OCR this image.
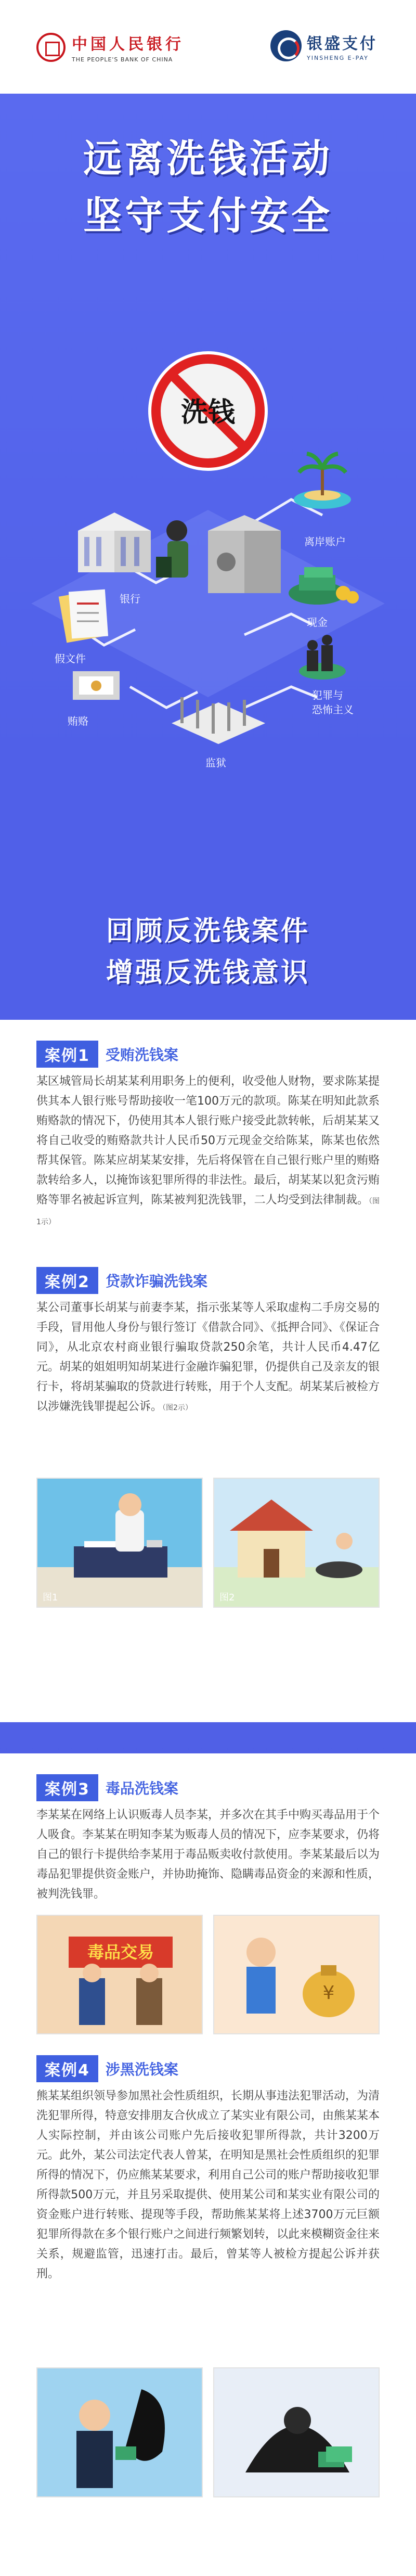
中国人民银行
THE PEOPLE'S BANK OF CHINA
银盛支付
YINSHENG E-PAY
远离洗钱活动
坚守支付安全
洗钱
银行
离岸账户
假文件
现金
贿赂
监狱
犯罪与
恐怖主义
回顾反洗钱案件
增强反洗钱意识
案例1	受贿洗钱案
某区城管局长胡某某利用职务上的便利，收受他人财物，要求陈某提供其本人银行账号帮助接收一笔100万元的款项。陈某在明知此款系贿赂款的情况下，仍使用其本人银行账户接受此款转帐，后胡某某又将自己收受的贿赂款共计人民币50万元现金交给陈某，陈某也依然帮其保管。陈某应胡某某安排，先后将保管在自己银行账户里的贿赂款转给多人，以掩饰该犯罪所得的非法性。最后，胡某某以犯贪污贿赂等罪名被起诉宣判，陈某被判犯洗钱罪，二人均受到法律制裁。（图1示）
案例2	贷款诈骗洗钱案
某公司董事长胡某与前妻李某，指示张某等人采取虚构二手房交易的手段，冒用他人身份与银行签订《借款合同》、《抵押合同》、《保证合同》，从北京农村商业银行骗取贷款250余笔，共计人民币4.47亿元。胡某的姐姐明知胡某进行金融诈骗犯罪，仍提供自己及亲友的银行卡，将胡某骗取的贷款进行转账，用于个人支配。胡某某后被检方以涉嫌洗钱罪提起公诉。（图2示）
图1	图2
案例3	毒品洗钱案
李某某在网络上认识贩毒人员李某，并多次在其手中购买毒品用于个人吸食。李某某在明知李某为贩毒人员的情况下，应李某要求，仍将自己的银行卡提供给李某用于毒品贩卖收付款使用。李某某最后以为毒品犯罪提供资金账户，并协助掩饰、隐瞒毒品资金的来源和性质，被判洗钱罪。
毒品交易
¥
案例4	涉黑洗钱案
熊某某组织领导参加黑社会性质组织，长期从事违法犯罪活动，为清洗犯罪所得，特意安排朋友合伙成立了某实业有限公司，由熊某某本人实际控制，并由该公司账户先后接收犯罪所得款，共计3200万元。此外，某公司法定代表人曾某，在明知是黑社会性质组织的犯罪所得的情况下，仍应熊某某要求，利用自己公司的账户帮助接收犯罪所得款500万元，并且另采取提供、使用某公司和某实业有限公司的资金账户进行转账、提现等手段，帮助熊某某将上述3700万元巨额犯罪所得款在多个银行账户之间进行频繁划转，以此来模糊资金往来关系，规避监管，迅速打击。最后，曾某等人被检方提起公诉并获刑。
